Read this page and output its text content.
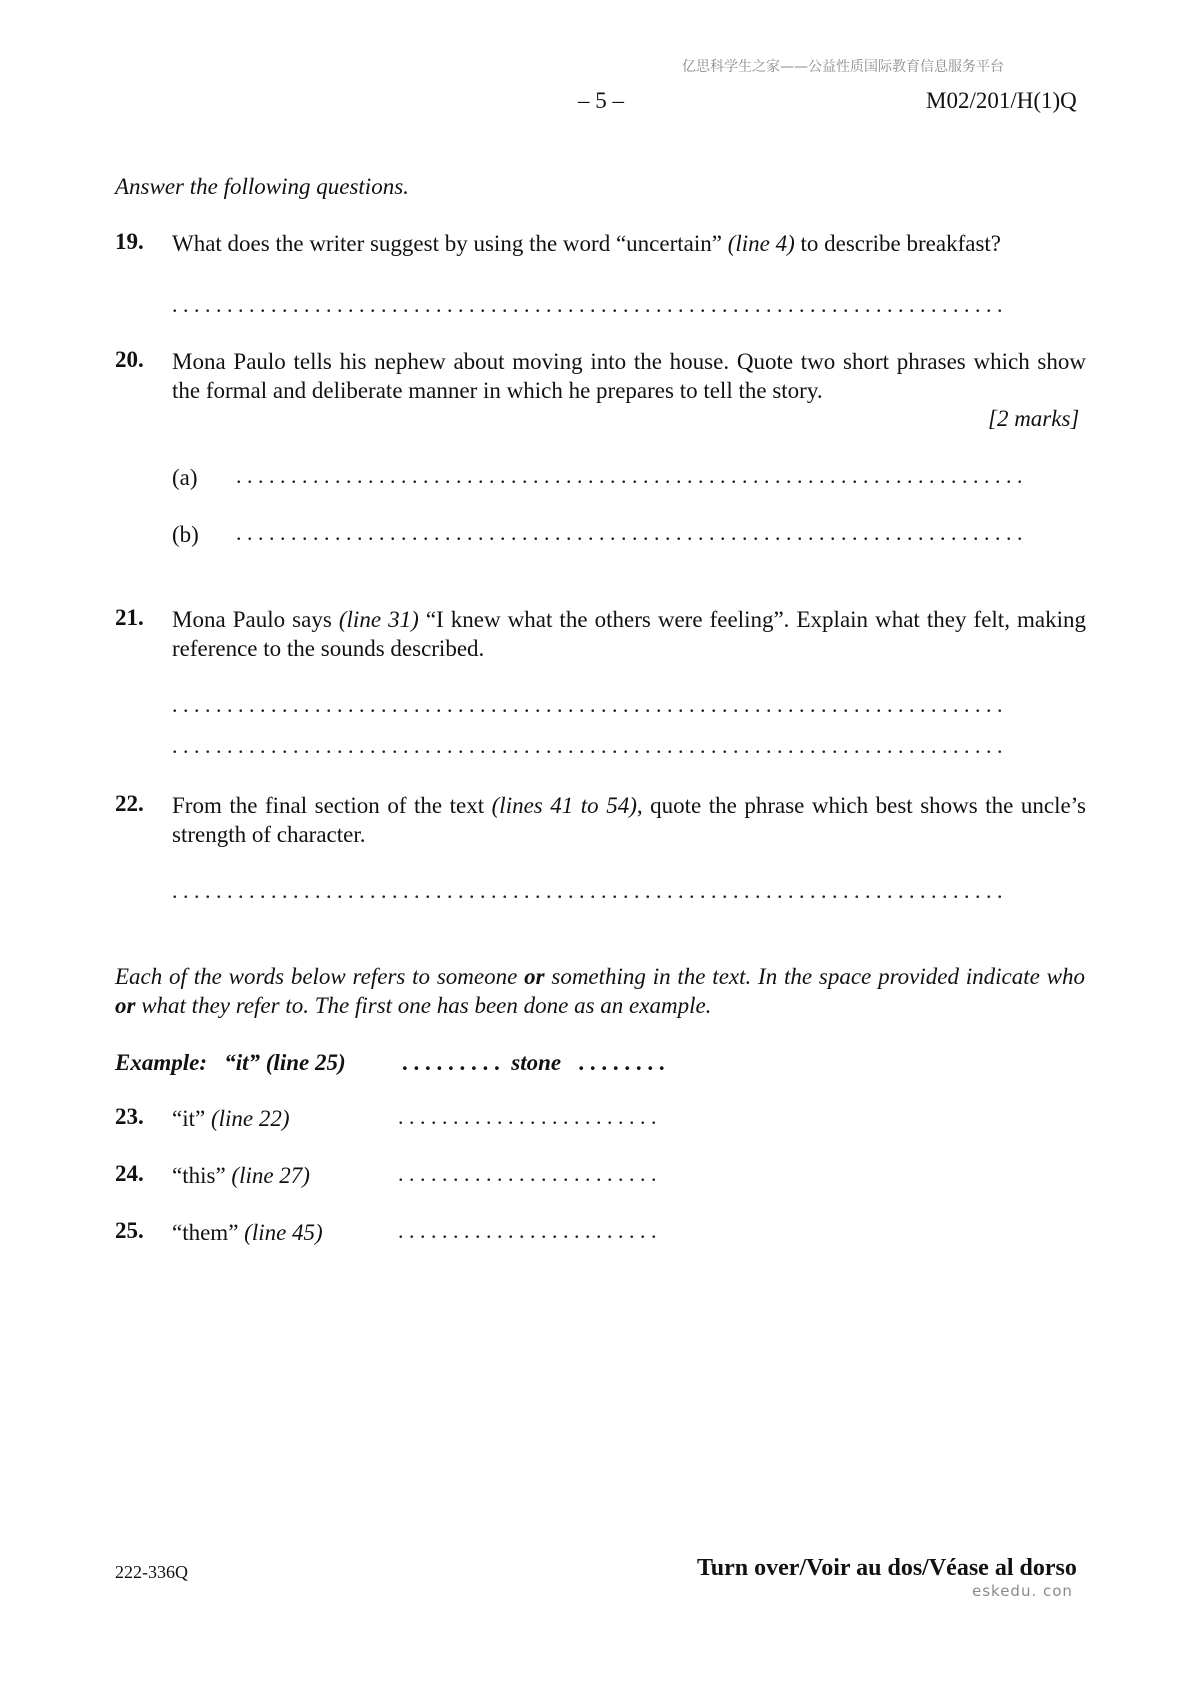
亿思科学生之家——公益性质国际教育信息服务平台
– 5 –	M02/201/H(1)Q
Answer the following questions.
19. What does the writer suggest by using the word “uncertain” (line 4) to describe breakfast?
. . . . . . . . . . . . . . . . . . . . . . . . . . . . . . . . . . . . . . . . . . . . . . . . . . . . . . . . . . . . . . . . . . . . . . . . . . . .
20. Mona Paulo tells his nephew about moving into the house. Quote two short phrases which show the formal and deliberate manner in which he prepares to tell the story.
[2 marks]
(a) . . . . . . . . . . . . . . . . . . . . . . . . . . . . . . . . . . . . . . . . . . . . . . . . . . . . . . . . . . . . . . . . . . . . . . . .
(b) . . . . . . . . . . . . . . . . . . . . . . . . . . . . . . . . . . . . . . . . . . . . . . . . . . . . . . . . . . . . . . . . . . . . . . . .
21. Mona Paulo says (line 31) “I knew what the others were feeling”. Explain what they felt, making reference to the sounds described.
. . . . . . . . . . . . . . . . . . . . . . . . . . . . . . . . . . . . . . . . . . . . . . . . . . . . . . . . . . . . . . . . . . . . . . . . . . . .
. . . . . . . . . . . . . . . . . . . . . . . . . . . . . . . . . . . . . . . . . . . . . . . . . . . . . . . . . . . . . . . . . . . . . . . . . . . .
22. From the final section of the text (lines 41 to 54), quote the phrase which best shows the uncle’s strength of character.
. . . . . . . . . . . . . . . . . . . . . . . . . . . . . . . . . . . . . . . . . . . . . . . . . . . . . . . . . . . . . . . . . . . . . . . . . . . .
Each of the words below refers to someone or something in the text. In the space provided indicate who or what they refer to. The first one has been done as an example.
Example:   “it” (line 25) . . . . . . . . .  stone   . . . . . . . .
23. “it” (line 22)	. . . . . . . . . . . . . . . . . . . . . . . .
24. “this” (line 27)	. . . . . . . . . . . . . . . . . . . . . . . .
25. “them” (line 45)	. . . . . . . . . . . . . . . . . . . . . . . .
222-336Q	Turn over/Voir au dos/Véase al dorso
eskedu. con
